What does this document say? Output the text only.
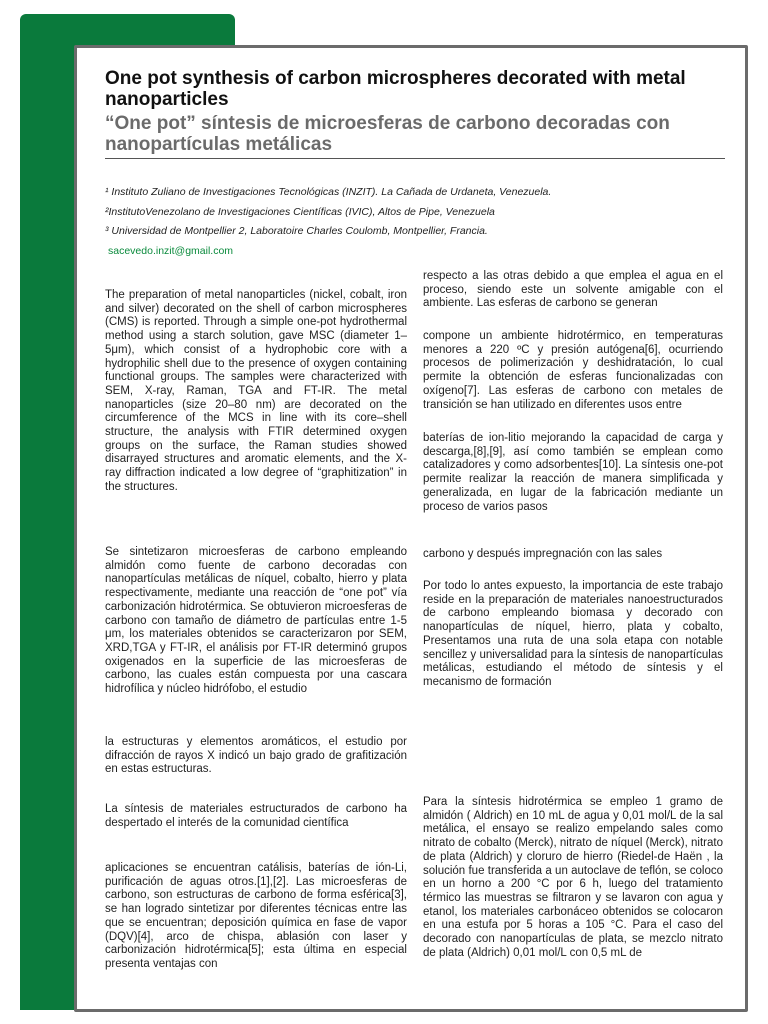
One pot synthesis of carbon microspheres decorated with metal nanoparticles
“One pot” síntesis de microesferas de carbono decoradas con nanopartículas metálicas

¹ Instituto Zuliano de Investigaciones Tecnológicas (INZIT). La Cañada de Urdaneta, Venezuela.

²InstitutoVenezolano de Investigaciones Científicas (IVIC), Altos de Pipe, Venezuela

³ Universidad de Montpellier 2, Laboratoire Charles Coulomb, Montpellier, Francia.

sacevedo.inzit@gmail.com

The preparation of metal nanoparticles (nickel, cobalt, iron and silver) decorated on the shell of carbon microspheres (CMS) is reported. Through a simple one-pot hydrothermal method using a starch solution, gave MSC (diameter 1–5μm), which consist of a hydrophobic core with a hydrophilic shell due to the presence of oxygen containing functional groups. The samples were characterized with SEM, X-ray, Raman, TGA and FT-IR. The metal nanoparticles (size 20–80 nm) are decorated on the circumference of the MCS in line with its core–shell structure, the analysis with FTIR determined oxygen groups on the surface, the Raman studies showed disarrayed structures and aromatic elements, and the X-ray diffraction indicated a low degree of “graphitization” in the structures.

Se sintetizaron microesferas de carbono empleando almidón como fuente de carbono decoradas con nanopartículas metálicas de níquel, cobalto, hierro y plata respectivamente, mediante una reacción de “one pot” vía carbonización hidrotérmica. Se obtuvieron microesferas de carbono con tamaño de diámetro de partículas entre 1-5 μm, los materiales obtenidos se caracterizaron por SEM, XRD,TGA y FT-IR, el análisis por FT-IR determinó grupos oxigenados en la superficie de las microesferas de carbono, las cuales están compuesta por una cascara hidrofílica y núcleo hidrófobo, el estudio

la estructuras y elementos aromáticos, el estudio por difracción de rayos X indicó un bajo grado de grafitización en estas estructuras.

La síntesis de materiales estructurados de carbono ha despertado el interés de la comunidad científica

aplicaciones se encuentran catálisis, baterías de ión-Li, purificación de aguas otros.[1],[2]. Las microesferas de carbono, son estructuras de carbono de forma esférica[3], se han logrado sintetizar por diferentes técnicas entre las que se encuentran; deposición química en fase de vapor (DQV)[4], arco de chispa, ablasión con laser y carbonización hidrotérmica[5]; esta última en especial presenta ventajas con

respecto a las otras debido a que emplea el agua en el proceso, siendo este un solvente amigable con el ambiente. Las esferas de carbono se generan

compone un ambiente hidrotérmico, en temperaturas menores a 220 ºC y presión autógena[6], ocurriendo procesos de polimerización y deshidratación, lo cual permite la obtención de esferas funcionalizadas con oxígeno[7]. Las esferas de carbono con metales de transición se han utilizado en diferentes usos entre

baterías de ion-litio mejorando la capacidad de carga y descarga,[8],[9], así como también se emplean como catalizadores y como adsorbentes[10]. La síntesis one-pot permite realizar la reacción de manera simplificada y generalizada, en lugar de la fabricación mediante un proceso de varios pasos

carbono y después impregnación con las sales

Por todo lo antes expuesto, la importancia de este trabajo reside en la preparación de materiales nanoestructurados de carbono empleando biomasa y decorado con nanopartículas de níquel, hierro, plata y cobalto, Presentamos una ruta de una sola etapa con notable sencillez y universalidad para la síntesis de nanopartículas metálicas, estudiando el método de síntesis y el mecanismo de formación

Para la síntesis hidrotérmica se empleo 1 gramo de almidón ( Aldrich) en 10 mL de agua y 0,01 mol/L de la sal metálica, el ensayo se realizo empelando sales como nitrato de cobalto (Merck), nitrato de níquel (Merck), nitrato de plata (Aldrich) y cloruro de hierro (Riedel-de Haën , la solución fue transferida a un autoclave de teflón, se coloco en un horno a 200 °C por 6 h, luego del tratamiento térmico las muestras se filtraron y se lavaron con agua y etanol, los materiales carbonáceo obtenidos se colocaron en una estufa por 5 horas a 105 °C. Para el caso del decorado con nanopartículas de plata, se mezclo nitrato de plata (Aldrich) 0,01 mol/L con 0,5 mL de
